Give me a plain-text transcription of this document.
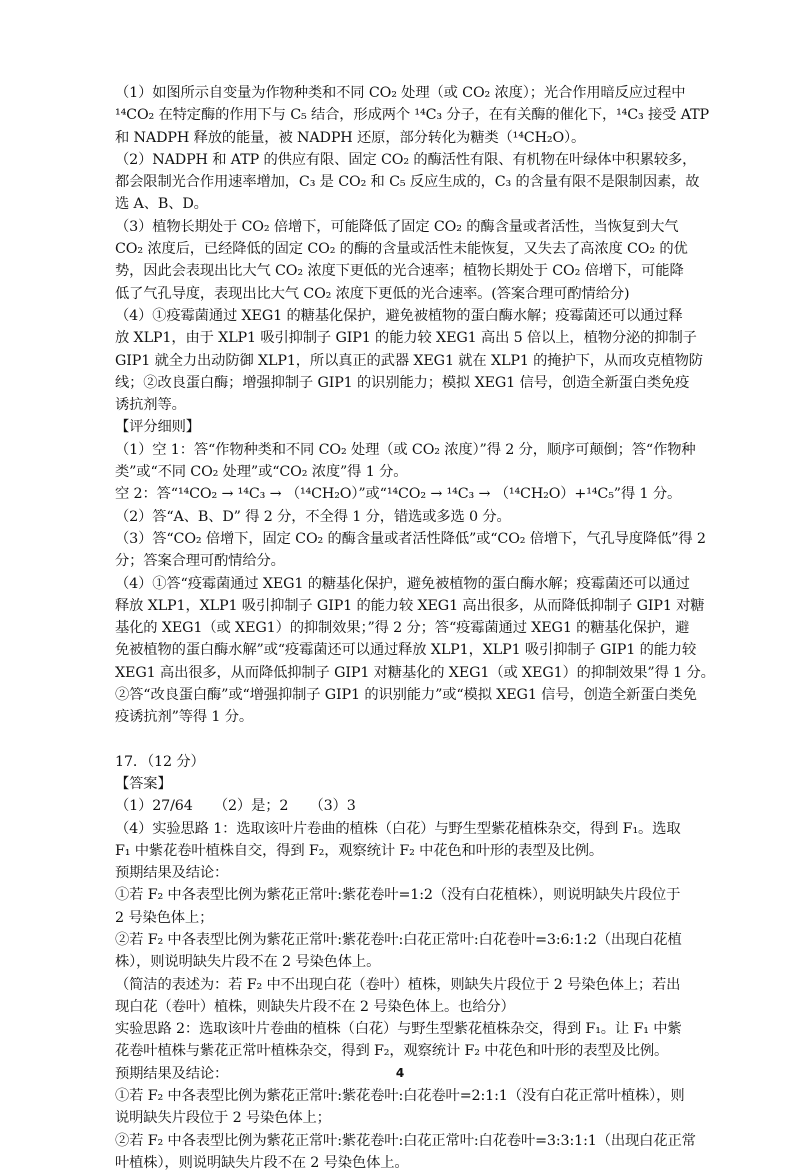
（1）如图所示自变量为作物种类和不同 CO₂ 处理（或 CO₂ 浓度）；光合作用暗反应过程中
¹⁴CO₂ 在特定酶的作用下与 C₅ 结合，形成两个 ¹⁴C₃ 分子，在有关酶的催化下，¹⁴C₃ 接受 ATP
和 NADPH 释放的能量，被 NADPH 还原，部分转化为糖类（¹⁴CH₂O）。
（2）NADPH 和 ATP 的供应有限、固定 CO₂ 的酶活性有限、有机物在叶绿体中积累较多，
都会限制光合作用速率增加，C₃ 是 CO₂ 和 C₅ 反应生成的，C₃ 的含量有限不是限制因素，故
选 A、B、D。
（3）植物长期处于 CO₂ 倍增下，可能降低了固定 CO₂ 的酶含量或者活性，当恢复到大气
CO₂ 浓度后，已经降低的固定 CO₂ 的酶的含量或活性未能恢复，又失去了高浓度 CO₂ 的优
势，因此会表现出比大气 CO₂ 浓度下更低的光合速率；植物长期处于 CO₂ 倍增下，可能降
低了气孔导度，表现出比大气 CO₂ 浓度下更低的光合速率。(答案合理可酌情给分)
（4）①疫霉菌通过 XEG1 的糖基化保护，避免被植物的蛋白酶水解；疫霉菌还可以通过释
放 XLP1，由于 XLP1 吸引抑制子 GIP1 的能力较 XEG1 高出 5 倍以上，植物分泌的抑制子
GIP1 就全力出动防御 XLP1，所以真正的武器 XEG1 就在 XLP1 的掩护下，从而攻克植物防
线；②改良蛋白酶；增强抑制子 GIP1 的识别能力；模拟 XEG1 信号，创造全新蛋白类免疫
诱抗剂等。
【评分细则】
（1）空 1：答“作物种类和不同 CO₂ 处理（或 CO₂ 浓度）”得 2 分，顺序可颠倒；答“作物种
类”或“不同 CO₂ 处理”或“CO₂ 浓度”得 1 分。
空 2：答“¹⁴CO₂ → ¹⁴C₃ → （¹⁴CH₂O）”或“¹⁴CO₂ → ¹⁴C₃ → （¹⁴CH₂O）+¹⁴C₅”得 1 分。
（2）答“A、B、D” 得 2 分，不全得 1 分，错选或多选 0 分。
（3）答“CO₂ 倍增下，固定 CO₂ 的酶含量或者活性降低”或“CO₂ 倍增下，气孔导度降低”得 2
分；答案合理可酌情给分。
（4）①答“疫霉菌通过 XEG1 的糖基化保护，避免被植物的蛋白酶水解；疫霉菌还可以通过
释放 XLP1，XLP1 吸引抑制子 GIP1 的能力较 XEG1 高出很多，从而降低抑制子 GIP1 对糖
基化的 XEG1（或 XEG1）的抑制效果；”得 2 分；答“疫霉菌通过 XEG1 的糖基化保护，避
免被植物的蛋白酶水解”或“疫霉菌还可以通过释放 XLP1，XLP1 吸引抑制子 GIP1 的能力较
XEG1 高出很多，从而降低抑制子 GIP1 对糖基化的 XEG1（或 XEG1）的抑制效果”得 1 分。
②答“改良蛋白酶”或“增强抑制子 GIP1 的识别能力”或“模拟 XEG1 信号，创造全新蛋白类免
疫诱抗剂”等得 1 分。
17．（12 分）
【答案】
（1）27/64　　（2）是；2　　（3）3
（4）实验思路 1：选取该叶片卷曲的植株（白花）与野生型紫花植株杂交，得到 F₁。选取
F₁ 中紫花卷叶植株自交，得到 F₂，观察统计 F₂ 中花色和叶形的表型及比例。
预期结果及结论：
①若 F₂ 中各表型比例为紫花正常叶:紫花卷叶=1:2（没有白花植株），则说明缺失片段位于
2 号染色体上；
②若 F₂ 中各表型比例为紫花正常叶:紫花卷叶:白花正常叶:白花卷叶=3:6:1:2（出现白花植
株），则说明缺失片段不在 2 号染色体上。
（简洁的表述为：若 F₂ 中不出现白花（卷叶）植株，则缺失片段位于 2 号染色体上；若出
现白花（卷叶）植株，则缺失片段不在 2 号染色体上。也给分）
实验思路 2：选取该叶片卷曲的植株（白花）与野生型紫花植株杂交，得到 F₁。让 F₁ 中紫
花卷叶植株与紫花正常叶植株杂交，得到 F₂，观察统计 F₂ 中花色和叶形的表型及比例。
预期结果及结论：
①若 F₂ 中各表型比例为紫花正常叶:紫花卷叶:白花卷叶=2:1:1（没有白花正常叶植株），则
说明缺失片段位于 2 号染色体上；
②若 F₂ 中各表型比例为紫花正常叶:紫花卷叶:白花正常叶:白花卷叶=3:3:1:1（出现白花正常
叶植株），则说明缺失片段不在 2 号染色体上。
4
